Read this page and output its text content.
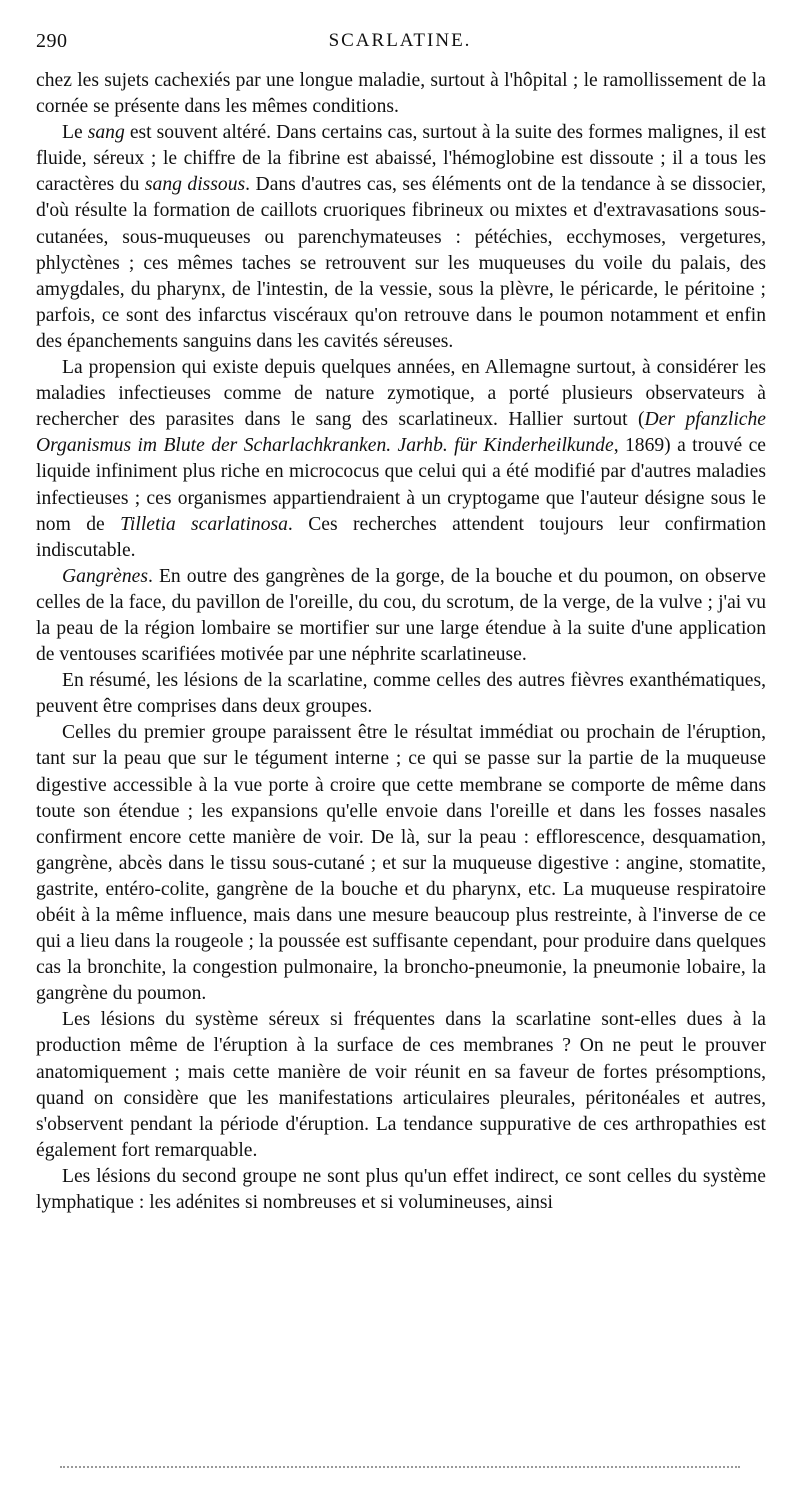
290	SCARLATINE.

chez les sujets cachexiés par une longue maladie, surtout à l'hôpital ; le ramollissement de la cornée se présente dans les mêmes conditions.

Le sang est souvent altéré. Dans certains cas, surtout à la suite des formes malignes, il est fluide, séreux ; le chiffre de la fibrine est abaissé, l'hémoglobine est dissoute ; il a tous les caractères du sang dissous. Dans d'autres cas, ses éléments ont de la tendance à se dissocier, d'où résulte la formation de caillots cruoriques fibrineux ou mixtes et d'extravasations sous-cutanées, sous-muqueuses ou parenchymateuses : pétéchies, ecchymoses, vergetures, phlyctènes ; ces mêmes taches se retrouvent sur les muqueuses du voile du palais, des amygdales, du pharynx, de l'intestin, de la vessie, sous la plèvre, le péricarde, le péritoine ; parfois, ce sont des infarctus viscéraux qu'on retrouve dans le poumon notamment et enfin des épanchements sanguins dans les cavités séreuses.

La propension qui existe depuis quelques années, en Allemagne surtout, à considérer les maladies infectieuses comme de nature zymotique, a porté plusieurs observateurs à rechercher des parasites dans le sang des scarlatineux. Hallier surtout (Der pfanzliche Organismus im Blute der Scharlachkranken. Jarhb. für Kinderheilkunde, 1869) a trouvé ce liquide infiniment plus riche en micrococus que celui qui a été modifié par d'autres maladies infectieuses ; ces organismes appartiendraient à un cryptogame que l'auteur désigne sous le nom de Tilletia scarlatinosa. Ces recherches attendent toujours leur confirmation indiscutable.

Gangrènes. En outre des gangrènes de la gorge, de la bouche et du poumon, on observe celles de la face, du pavillon de l'oreille, du cou, du scrotum, de la verge, de la vulve ; j'ai vu la peau de la région lombaire se mortifier sur une large étendue à la suite d'une application de ventouses scarifiées motivée par une néphrite scarlatineuse.

En résumé, les lésions de la scarlatine, comme celles des autres fièvres exanthématiques, peuvent être comprises dans deux groupes.

Celles du premier groupe paraissent être le résultat immédiat ou prochain de l'éruption, tant sur la peau que sur le tégument interne ; ce qui se passe sur la partie de la muqueuse digestive accessible à la vue porte à croire que cette membrane se comporte de même dans toute son étendue ; les expansions qu'elle envoie dans l'oreille et dans les fosses nasales confirment encore cette manière de voir. De là, sur la peau : efflorescence, desquamation, gangrène, abcès dans le tissu sous-cutané ; et sur la muqueuse digestive : angine, stomatite, gastrite, entéro-colite, gangrène de la bouche et du pharynx, etc. La muqueuse respiratoire obéit à la même influence, mais dans une mesure beaucoup plus restreinte, à l'inverse de ce qui a lieu dans la rougeole ; la poussée est suffisante cependant, pour produire dans quelques cas la bronchite, la congestion pulmonaire, la broncho-pneumonie, la pneumonie lobaire, la gangrène du poumon.

Les lésions du système séreux si fréquentes dans la scarlatine sont-elles dues à la production même de l'éruption à la surface de ces membranes ? On ne peut le prouver anatomiquement ; mais cette manière de voir réunit en sa faveur de fortes présomptions, quand on considère que les manifestations articulaires pleurales, péritonéales et autres, s'observent pendant la période d'éruption. La tendance suppurative de ces arthropathies est également fort remarquable.

Les lésions du second groupe ne sont plus qu'un effet indirect, ce sont celles du système lymphatique : les adénites si nombreuses et si volumineuses, ainsi
